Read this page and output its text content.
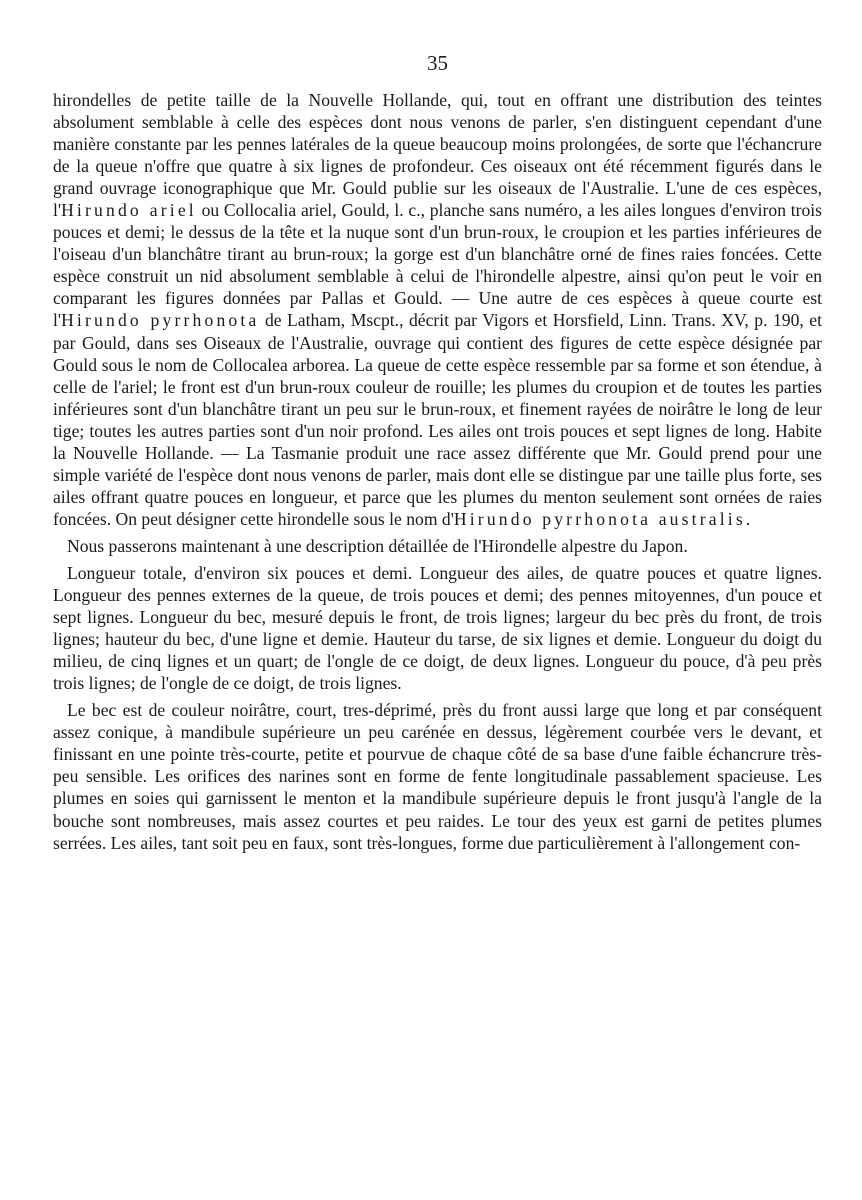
35

hirondelles de petite taille de la Nouvelle Hollande, qui, tout en offrant une distribution des teintes absolument semblable à celle des espèces dont nous venons de parler, s'en distinguent cependant d'une manière constante par les pennes latérales de la queue beaucoup moins prolongées, de sorte que l'échancrure de la queue n'offre que quatre à six lignes de profondeur. Ces oiseaux ont été récemment figurés dans le grand ouvrage iconographique que Mr. Gould publie sur les oiseaux de l'Australie. L'une de ces espèces, l'Hirundo ariel ou Collocalia ariel, Gould, l. c., planche sans numéro, a les ailes longues d'environ trois pouces et demi; le dessus de la tête et la nuque sont d'un brun-roux, le croupion et les parties inférieures de l'oiseau d'un blanchâtre tirant au brun-roux; la gorge est d'un blanchâtre orné de fines raies foncées. Cette espèce construit un nid absolument semblable à celui de l'hirondelle alpestre, ainsi qu'on peut le voir en comparant les figures données par Pallas et Gould. — Une autre de ces espèces à queue courte est l'Hirundo pyrrhonota de Latham, Mscpt., décrit par Vigors et Horsfield, Linn. Trans. XV, p. 190, et par Gould, dans ses Oiseaux de l'Australie, ouvrage qui contient des figures de cette espèce désignée par Gould sous le nom de Collocalea arborea. La queue de cette espèce ressemble par sa forme et son étendue, à celle de l'ariel; le front est d'un brun-roux couleur de rouille; les plumes du croupion et de toutes les parties inférieures sont d'un blanchâtre tirant un peu sur le brun-roux, et finement rayées de noirâtre le long de leur tige; toutes les autres parties sont d'un noir profond. Les ailes ont trois pouces et sept lignes de long. Habite la Nouvelle Hollande. — La Tasmanie produit une race assez différente que Mr. Gould prend pour une simple variété de l'espèce dont nous venons de parler, mais dont elle se distingue par une taille plus forte, ses ailes offrant quatre pouces en longueur, et parce que les plumes du menton seulement sont ornées de raies foncées. On peut désigner cette hirondelle sous le nom d'Hirundo pyrrhonota australis.

Nous passerons maintenant à une description détaillée de l'Hirondelle alpestre du Japon.

Longueur totale, d'environ six pouces et demi. Longueur des ailes, de quatre pouces et quatre lignes. Longueur des pennes externes de la queue, de trois pouces et demi; des pennes mitoyennes, d'un pouce et sept lignes. Longueur du bec, mesuré depuis le front, de trois lignes; largeur du bec près du front, de trois lignes; hauteur du bec, d'une ligne et demie. Hauteur du tarse, de six lignes et demie. Longueur du doigt du milieu, de cinq lignes et un quart; de l'ongle de ce doigt, de deux lignes. Longueur du pouce, d'à peu près trois lignes; de l'ongle de ce doigt, de trois lignes.

Le bec est de couleur noirâtre, court, tres-déprimé, près du front aussi large que long et par conséquent assez conique, à mandibule supérieure un peu carénée en dessus, légèrement courbée vers le devant, et finissant en une pointe très-courte, petite et pourvue de chaque côté de sa base d'une faible échancrure très-peu sensible. Les orifices des narines sont en forme de fente longitudinale passablement spacieuse. Les plumes en soies qui garnissent le menton et la mandibule supérieure depuis le front jusqu'à l'angle de la bouche sont nombreuses, mais assez courtes et peu raides. Le tour des yeux est garni de petites plumes serrées. Les ailes, tant soit peu en faux, sont très-longues, forme due particulièrement à l'allongement con-
